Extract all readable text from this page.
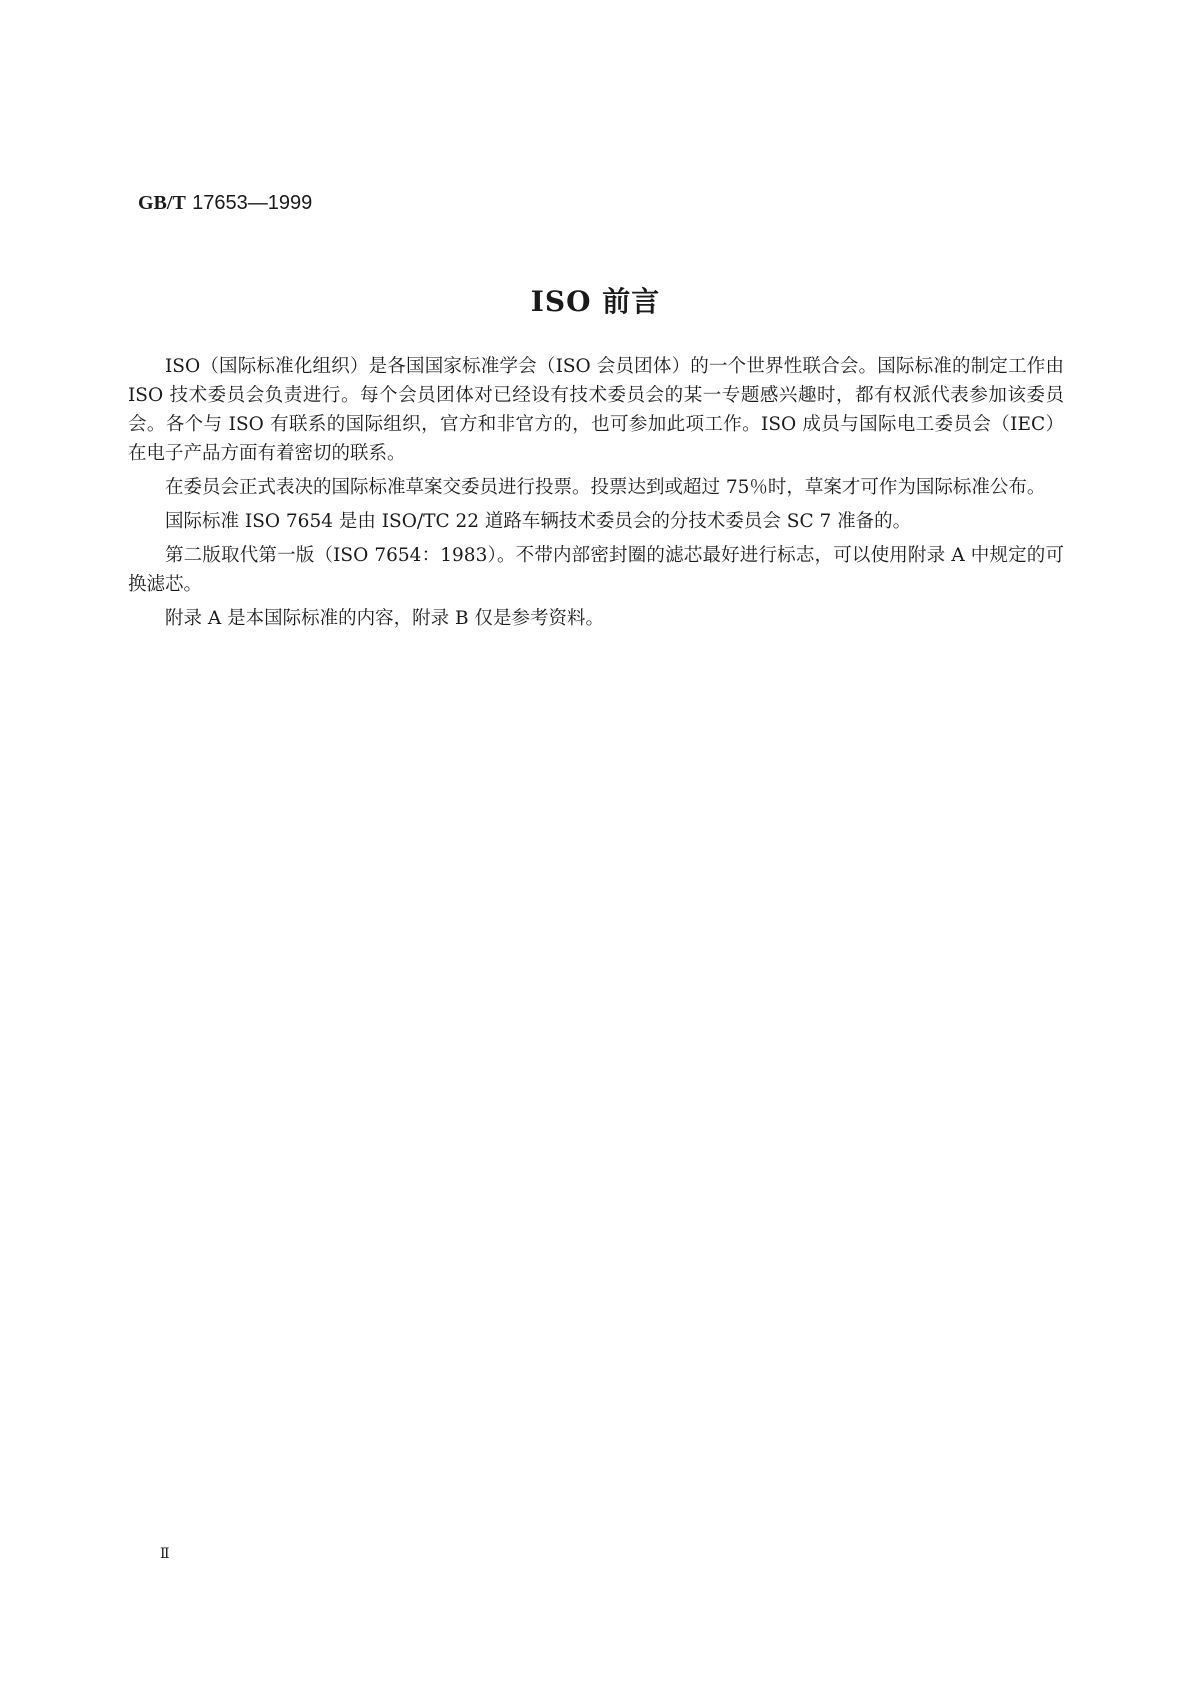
GB/T 17653—1999
ISO 前言

ISO（国际标准化组织）是各国国家标准学会（ISO 会员团体）的一个世界性联合会。国际标准的制定工作由 ISO 技术委员会负责进行。每个会员团体对已经设有技术委员会的某一专题感兴趣时，都有权派代表参加该委员会。各个与 ISO 有联系的国际组织，官方和非官方的，也可参加此项工作。ISO 成员与国际电工委员会（IEC）在电子产品方面有着密切的联系。

在委员会正式表决的国际标准草案交委员进行投票。投票达到或超过 75％时，草案才可作为国际标准公布。

国际标准 ISO 7654 是由 ISO/TC 22 道路车辆技术委员会的分技术委员会 SC 7 准备的。

第二版取代第一版（ISO 7654：1983）。不带内部密封圈的滤芯最好进行标志，可以使用附录 A 中规定的可换滤芯。

附录 A 是本国际标准的内容，附录 B 仅是参考资料。

Ⅱ
